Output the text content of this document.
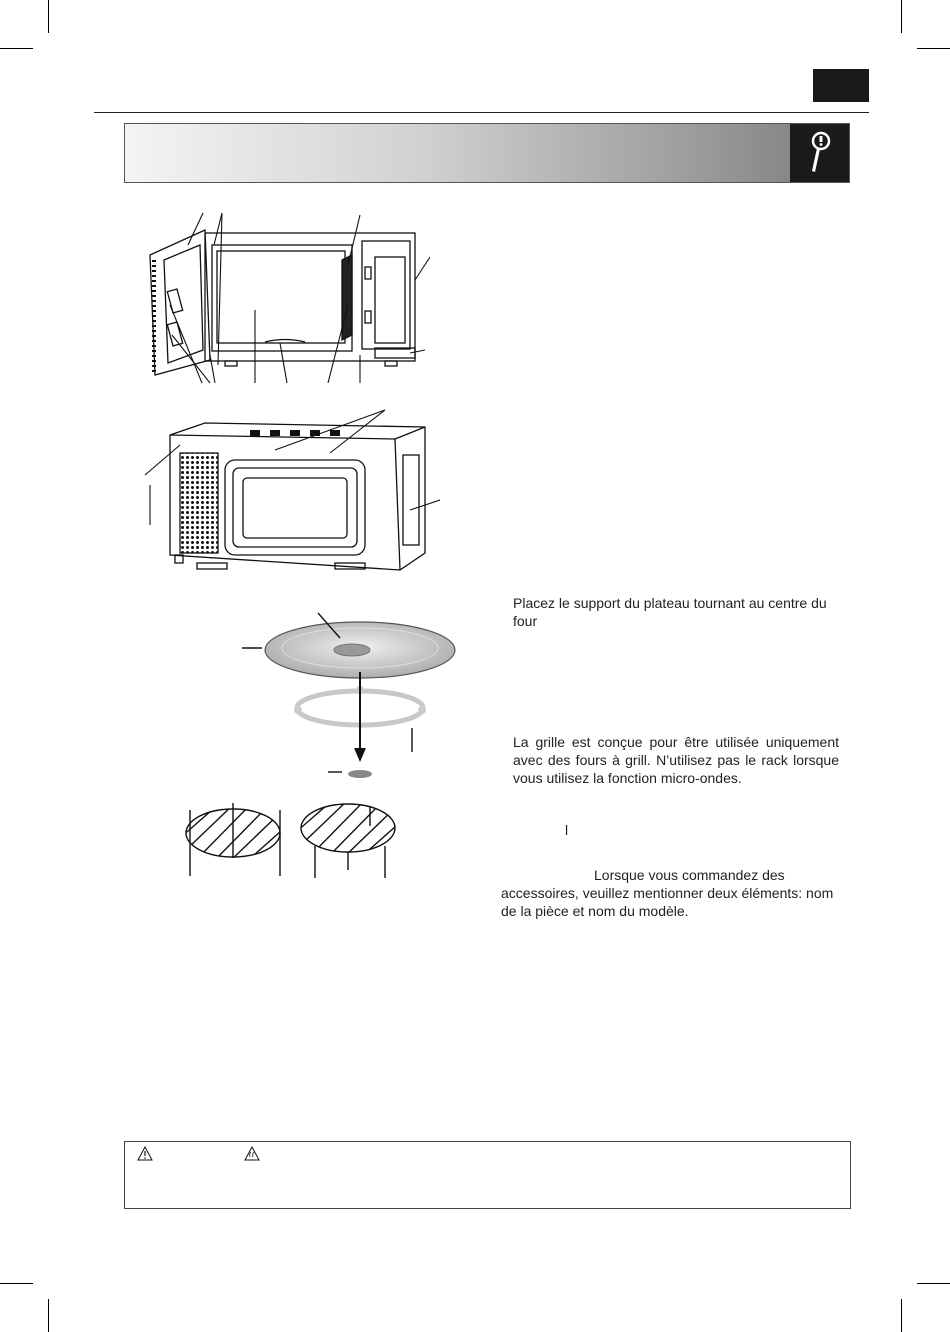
Placez le support du plateau tournant au centre du
four
La grille est conçue pour être utilisée uniquement avec des fours à grill. N’utilisez pas le rack lorsque vous utilisez la fonction micro-ondes.
l
Lorsque vous commandez des
accessoires, veuillez mentionner deux éléments: nom
de la pièce et nom du modèle.
